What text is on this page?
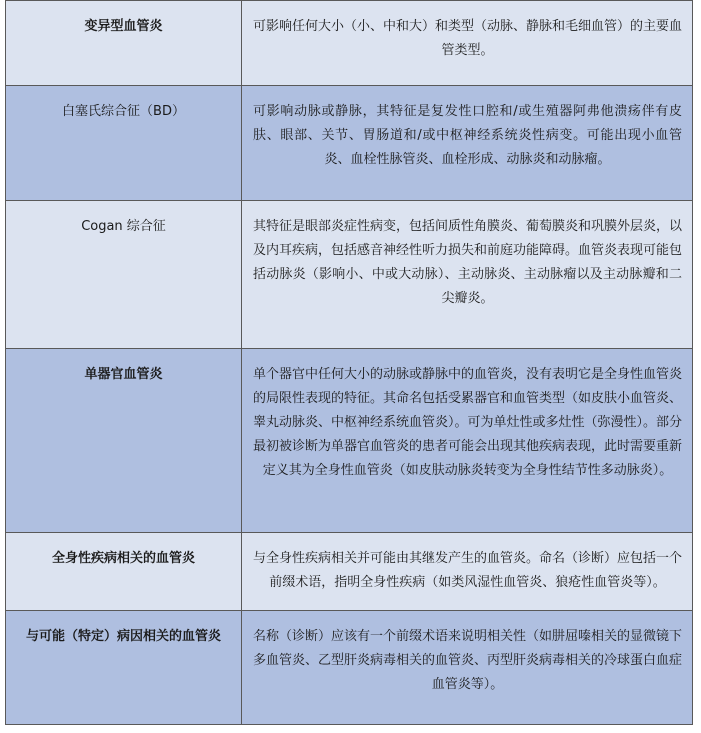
变异型血管炎	可影响任何大小（小、中和大）和类型（动脉、静脉和毛细血管）的主要血管类型。
白塞氏综合征（BD）	可影响动脉或静脉，其特征是复发性口腔和/或生殖器阿弗他溃疡伴有皮肤、眼部、关节、胃肠道和/或中枢神经系统炎性病变。可能出现小血管炎、血栓性脉管炎、血栓形成、动脉炎和动脉瘤。
Cogan 综合征	其特征是眼部炎症性病变，包括间质性角膜炎、葡萄膜炎和巩膜外层炎，以及内耳疾病，包括感音神经性听力损失和前庭功能障碍。血管炎表现可能包括动脉炎（影响小、中或大动脉）、主动脉炎、主动脉瘤以及主动脉瓣和二尖瓣炎。
单器官血管炎	单个器官中任何大小的动脉或静脉中的血管炎，没有表明它是全身性血管炎的局限性表现的特征。其命名包括受累器官和血管类型（如皮肤小血管炎、睾丸动脉炎、中枢神经系统血管炎）。可为单灶性或多灶性（弥漫性）。部分最初被诊断为单器官血管炎的患者可能会出现其他疾病表现，此时需要重新定义其为全身性血管炎（如皮肤动脉炎转变为全身性结节性多动脉炎）。
全身性疾病相关的血管炎	与全身性疾病相关并可能由其继发产生的血管炎。命名（诊断）应包括一个前缀术语，指明全身性疾病（如类风湿性血管炎、狼疮性血管炎等）。
与可能（特定）病因相关的血管炎	名称（诊断）应该有一个前缀术语来说明相关性（如肼屈嗪相关的显微镜下多血管炎、乙型肝炎病毒相关的血管炎、丙型肝炎病毒相关的冷球蛋白血症血管炎等）。
